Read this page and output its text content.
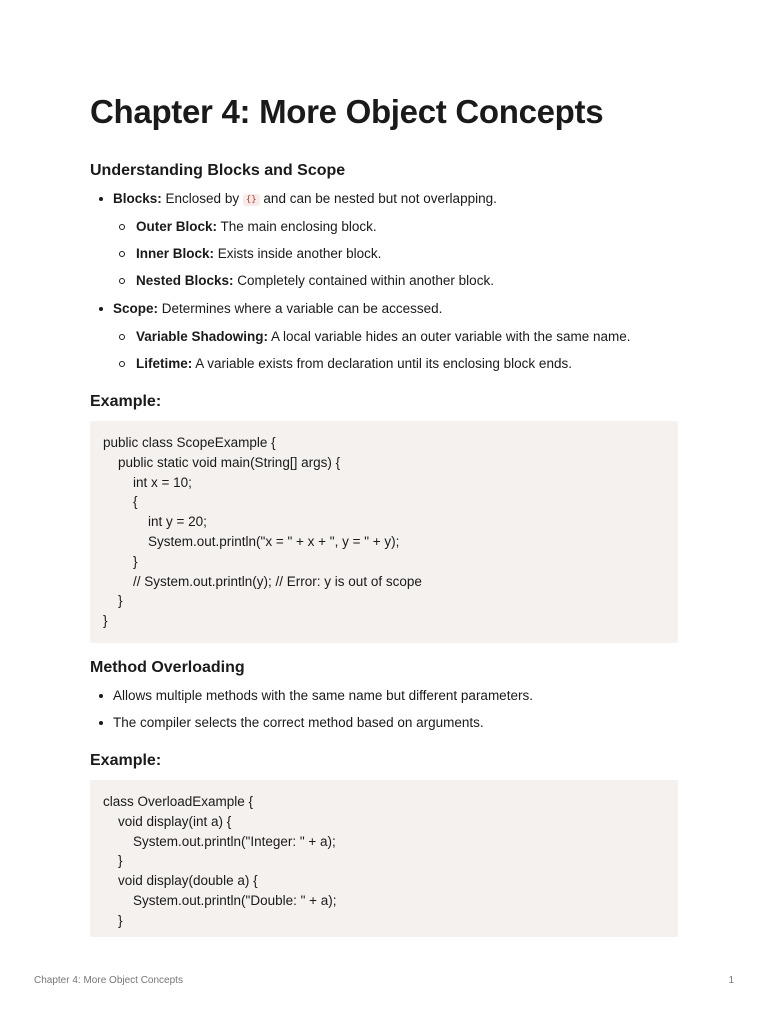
Chapter 4: More Object Concepts
Understanding Blocks and Scope
Blocks: Enclosed by {} and can be nested but not overlapping.
Outer Block: The main enclosing block.
Inner Block: Exists inside another block.
Nested Blocks: Completely contained within another block.
Scope: Determines where a variable can be accessed.
Variable Shadowing: A local variable hides an outer variable with the same name.
Lifetime: A variable exists from declaration until its enclosing block ends.
Example:
public class ScopeExample {
public static void main(String[] args) {
int x = 10;
{
int y = 20;
System.out.println("x = " + x + ", y = " + y);
}
// System.out.println(y); // Error: y is out of scope
}
}
Method Overloading
Allows multiple methods with the same name but different parameters.
The compiler selects the correct method based on arguments.
Example:
class OverloadExample {
void display(int a) {
System.out.println("Integer: " + a);
}
void display(double a) {
System.out.println("Double: " + a);
}
Chapter 4: More Object Concepts	1
